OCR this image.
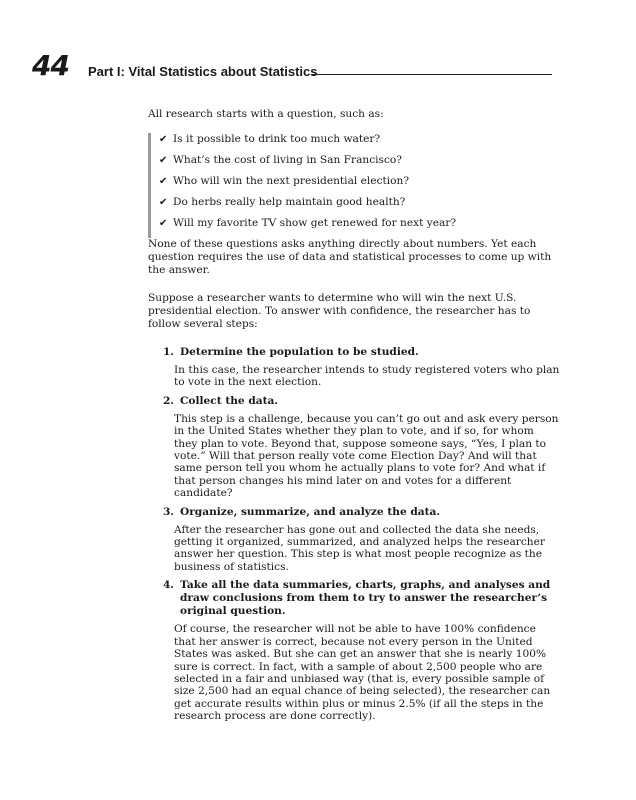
44 Part I: Vital Statistics about Statistics

All research starts with a question, such as:

✔ Is it possible to drink too much water?
✔ What’s the cost of living in San Francisco?
✔ Who will win the next presidential election?
✔ Do herbs really help maintain good health?
✔ Will my favorite TV show get renewed for next year?

None of these questions asks anything directly about numbers. Yet each question requires the use of data and statistical processes to come up with the answer.

Suppose a researcher wants to determine who will win the next U.S. presidential election. To answer with confidence, the researcher has to follow several steps:

1. Determine the population to be studied.
In this case, the researcher intends to study registered voters who plan to vote in the next election.
2. Collect the data.
This step is a challenge, because you can’t go out and ask every person in the United States whether they plan to vote, and if so, for whom they plan to vote. Beyond that, suppose someone says, “Yes, I plan to vote.” Will that person really vote come Election Day? And will that same person tell you whom he actually plans to vote for? And what if that person changes his mind later on and votes for a different candidate?
3. Organize, summarize, and analyze the data.
After the researcher has gone out and collected the data she needs, getting it organized, summarized, and analyzed helps the researcher answer her question. This step is what most people recognize as the business of statistics.
4. Take all the data summaries, charts, graphs, and analyses and draw conclusions from them to try to answer the researcher’s original question.
Of course, the researcher will not be able to have 100% confidence that her answer is correct, because not every person in the United States was asked. But she can get an answer that she is nearly 100% sure is correct. In fact, with a sample of about 2,500 people who are selected in a fair and unbiased way (that is, every possible sample of size 2,500 had an equal chance of being selected), the researcher can get accurate results within plus or minus 2.5% (if all the steps in the research process are done correctly).
